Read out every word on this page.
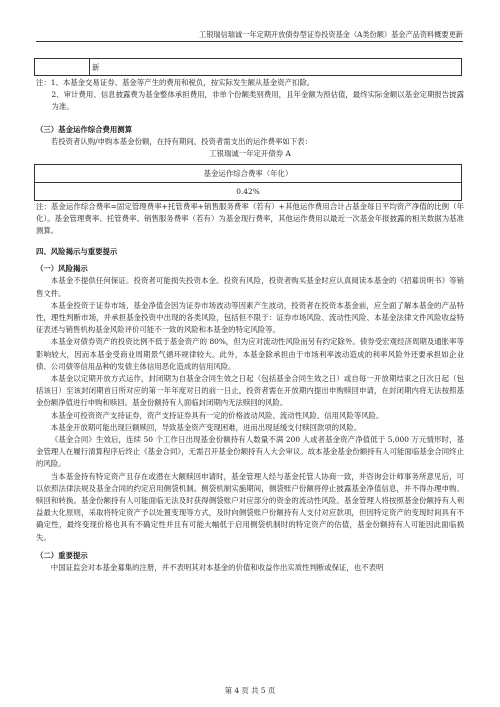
工银瑞信瑞诚一年定期开放债券型证券投资基金（A类份额）基金产品资料概要更新
	新

注：1、本基金交易证券、基金等产生的费用和税负，按实际发生额从基金资产扣除。

2、审计费用、信息披露费为基金整体承担费用，非单个份额类别费用，且年金额为预估值，最终实际金额以基金定期报告披露为准。

（三）基金运作综合费用测算

若投资者认购/申购本基金份额，在持有期间，投资者需支出的运作费率如下表：

工银瑞诚一年定开债券 A

基金运作综合费率（年化）
0.42%

注：基金运作综合费率=固定管理费率+托管费率+销售服务费率（若有）+其他运作费用合计占基金每日平均资产净值的比例（年化）。基金管理费率、托管费率、销售服务费率（若有）为基金现行费率，其他运作费用以最近一次基金年报披露的相关数据为基准测算。

四、风险揭示与重要提示

（一）风险揭示

本基金不提供任何保证。投资者可能损失投资本金。投资有风险，投资者购买基金时应认真阅读本基金的《招募说明书》等销售文件。

本基金投资于证券市场，基金净值会因为证券市场波动等因素产生波动，投资者在投资本基金前，应全面了解本基金的产品特性，理性判断市场，并承担基金投资中出现的各类风险，包括但不限于：证券市场风险、流动性风险、本基金法律文件风险收益特征表述与销售机构基金风险评价可能不一致的风险和本基金的特定风险等。

本基金对债券资产的投资比例不低于基金资产的 80%，但为应对流动性风险而另有约定除外。债券受宏观经济周期及通胀率等影响较大，因而本基金受商业周期景气循环规律较大。此外，本基金除承担由于市场利率波动造成的利率风险外还要承担如企业债、公司债等信用品种的发债主体信用恶化造成的信用风险。

本基金以定期开放方式运作，封闭期为自基金合同生效之日起（包括基金合同生效之日）或自每一开放期结束之日次日起（包括该日）至该封闭期首日所对应的第一年年度对日的前一日止，投资者需在开放期内提出申购赎回申请，在封闭期内将无法按照基金份额净值进行申购和赎回。基金份额持有人面临封闭期内无法赎回的风险。

本基金可投资资产支持证券，资产支持证券具有一定的价格波动风险、流动性风险、信用风险等风险。

本基金开放期可能出现巨额赎回，导致基金资产变现困难，进而出现延缓支付赎回款项的风险。

《基金合同》生效后，连续 50 个工作日出现基金份额持有人数量不满 200 人或者基金资产净值低于 5,000 万元情形时，基金管理人在履行清算程序后终止《基金合同》，无需召开基金份额持有人大会审议。故本基金基金份额持有人可能面临基金合同终止的风险。

当本基金持有特定资产且存在或潜在大额赎回申请时，基金管理人经与基金托管人协商一致，并咨询会计师事务所意见后，可以依照法律法规及基金合同的约定启用侧袋机制。侧袋机制实施期间，侧袋账户份额将停止披露基金净值信息，并不得办理申购、赎回和转换。基金份额持有人可能面临无法及时获得侧袋账户对应部分的资金的流动性风险。基金管理人将按照基金份额持有人利益最大化原则，采取将特定资产予以处置变现等方式，及时向侧袋账户份额持有人支付对应款项，但因特定资产的变现时间具有不确定性，最终变现价格也具有不确定性并且有可能大幅低于启用侧袋机制时的特定资产的估值，基金份额持有人可能因此面临损失。

（二）重要提示

中国证监会对本基金募集的注册，并不表明其对本基金的价值和收益作出实质性判断或保证，也不表明

第 4 页 共 5 页
